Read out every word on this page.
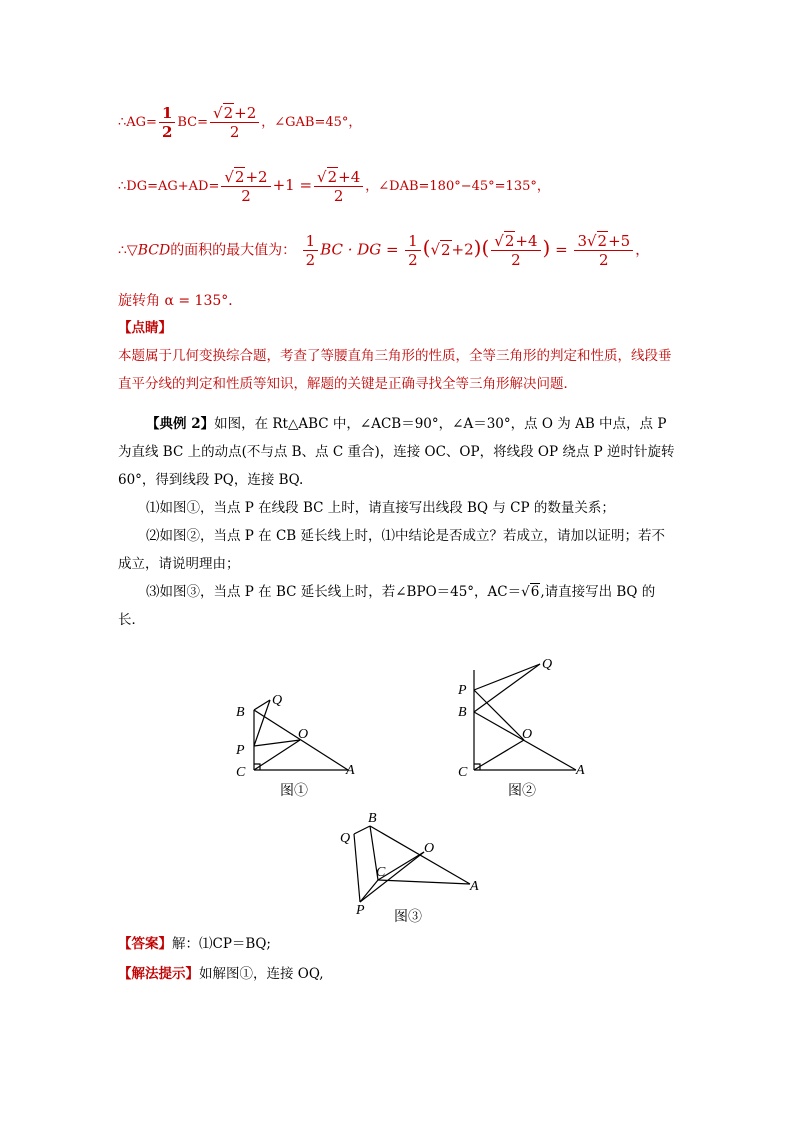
∴AG= $\frac{1}{2} BC= \frac{√2+2}{2}$ ，∠GAB=45°，
∴DG=AG+AD= $\frac{√2+2}{2} +1 = \frac{√2+4}{2}$ ，∠DAB=180°−45°=135°，
∴▽BCD的面积的最大值为： $\frac{1}{2}$ BC · DG = $\frac{1}{2} (√2+2)( \frac{√2+4}{2}$ ) = $\frac{3√2+5}{2}$ ，
旋转角 α = 135°．

【点睛】

本题属于几何变换综合题，考查了等腰直角三角形的性质，全等三角形的判定和性质，线段垂直平分线的判定和性质等知识，解题的关键是正确寻找全等三角形解决问题．

【典例 2】如图，在 Rt△ABC 中，∠ACB＝90°，∠A＝30°，点 O 为 AB 中点，点 P 为直线 BC 上的动点(不与点 B、点 C 重合)，连接 OC、OP，将线段 OP 绕点 P 逆时针旋转 60°，得到线段 PQ，连接 BQ.

⑴如图①，当点 P 在线段 BC 上时，请直接写出线段 BQ 与 CP 的数量关系；

⑵如图②，当点 P 在 CB 延长线上时，⑴中结论是否成立？若成立，请加以证明；若不成立，请说明理由；

⑶如图③，当点 P 在 BC 延长线上时，若∠BPO＝45°，AC＝√6,请直接写出 BQ 的长．

B
Q
P
O
C	A
P
Q
B
O
C	A
B
Q
O
C
A
P
图①	图②
图③

【答案】解：⑴CP＝BQ;

【解法提示】如解图①，连接 OQ,
